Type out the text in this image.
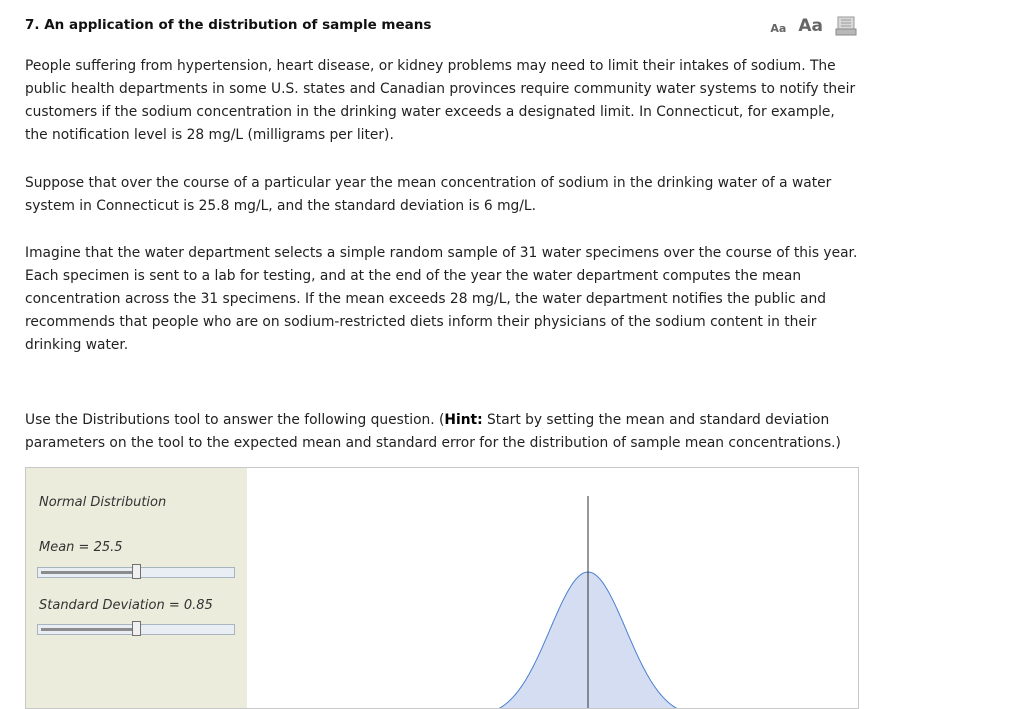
7. An application of the distribution of sample means	Aa Aa

People suffering from hypertension, heart disease, or kidney problems may need to limit their intakes of sodium. The public health departments in some U.S. states and Canadian provinces require community water systems to notify their customers if the sodium concentration in the drinking water exceeds a designated limit. In Connecticut, for example, the notification level is 28 mg/L (milligrams per liter).

Suppose that over the course of a particular year the mean concentration of sodium in the drinking water of a water system in Connecticut is 25.8 mg/L, and the standard deviation is 6 mg/L.

Imagine that the water department selects a simple random sample of 31 water specimens over the course of this year. Each specimen is sent to a lab for testing, and at the end of the year the water department computes the mean concentration across the 31 specimens. If the mean exceeds 28 mg/L, the water department notifies the public and recommends that people who are on sodium-restricted diets inform their physicians of the sodium content in their drinking water.

Use the Distributions tool to answer the following question. (Hint: Start by setting the mean and standard deviation parameters on the tool to the expected mean and standard error for the distribution of sample mean concentrations.)

Normal Distribution
Mean = 25.5
Standard Deviation = 0.85
